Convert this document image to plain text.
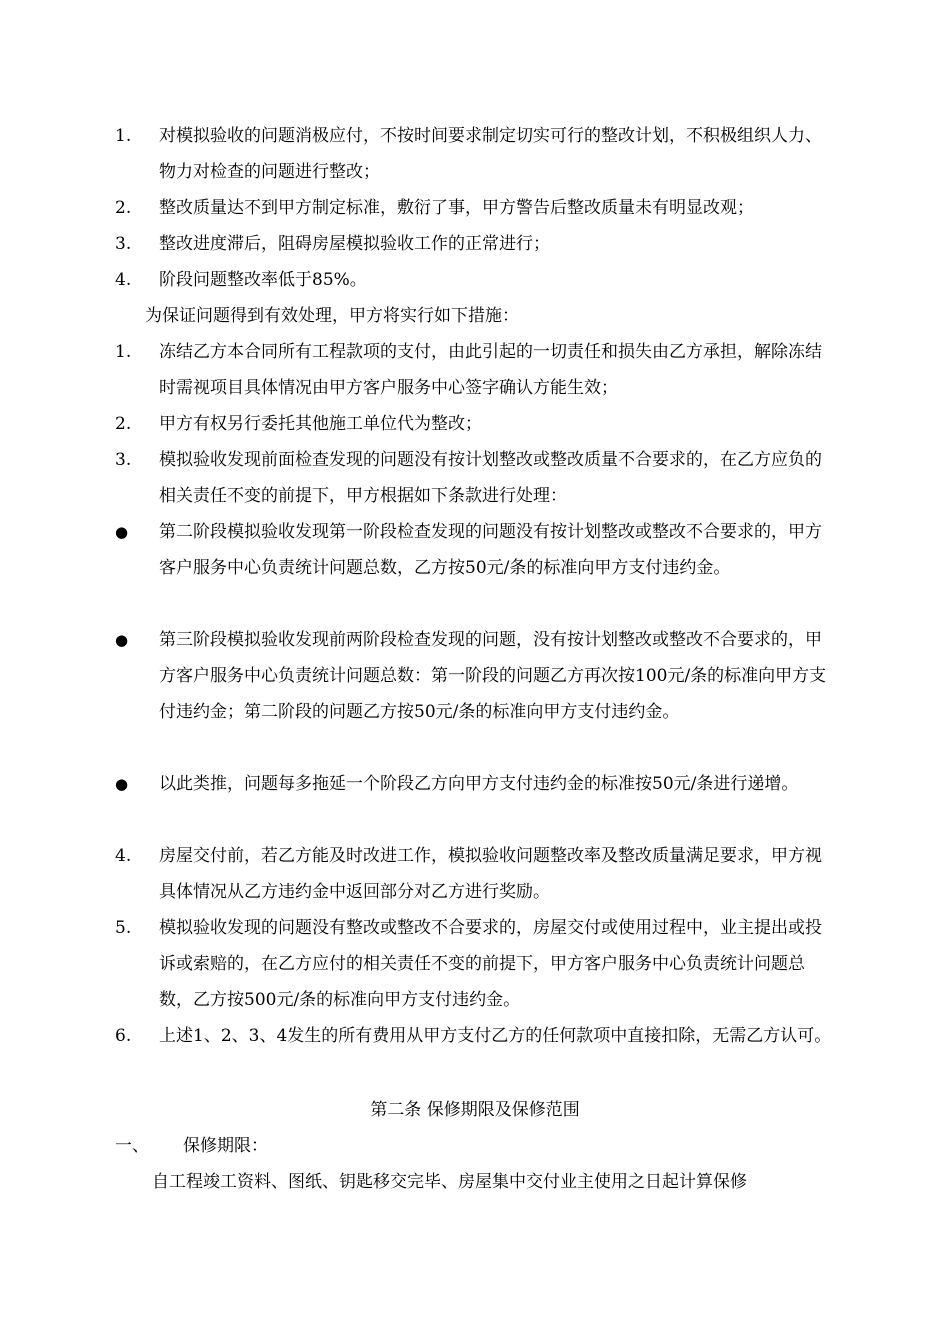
1.	对模拟验收的问题消极应付，不按时间要求制定切实可行的整改计划，不积极组织人力、物力对检查的问题进行整改；
2.	整改质量达不到甲方制定标准，敷衍了事，甲方警告后整改质量未有明显改观；
3.	整改进度滞后，阻碍房屋模拟验收工作的正常进行；
4.	阶段问题整改率低于85%。
为保证问题得到有效处理，甲方将实行如下措施：
1.	冻结乙方本合同所有工程款项的支付，由此引起的一切责任和损失由乙方承担，解除冻结时需视项目具体情况由甲方客户服务中心签字确认方能生效；
2.	甲方有权另行委托其他施工单位代为整改；
3.	模拟验收发现前面检查发现的问题没有按计划整改或整改质量不合要求的，在乙方应负的相关责任不变的前提下，甲方根据如下条款进行处理：
●	第二阶段模拟验收发现第一阶段检查发现的问题没有按计划整改或整改不合要求的，甲方客户服务中心负责统计问题总数，乙方按50元/条的标准向甲方支付违约金。
●	第三阶段模拟验收发现前两阶段检查发现的问题，没有按计划整改或整改不合要求的，甲方客户服务中心负责统计问题总数：第一阶段的问题乙方再次按100元/条的标准向甲方支付违约金；第二阶段的问题乙方按50元/条的标准向甲方支付违约金。
●	以此类推，问题每多拖延一个阶段乙方向甲方支付违约金的标准按50元/条进行递增。
4.	房屋交付前，若乙方能及时改进工作，模拟验收问题整改率及整改质量满足要求，甲方视具体情况从乙方违约金中返回部分对乙方进行奖励。
5.	模拟验收发现的问题没有整改或整改不合要求的，房屋交付或使用过程中，业主提出或投诉或索赔的，在乙方应付的相关责任不变的前提下，甲方客户服务中心负责统计问题总数，乙方按500元/条的标准向甲方支付违约金。
6.	上述1、2、3、4发生的所有费用从甲方支付乙方的任何款项中直接扣除，无需乙方认可。
第二条 保修期限及保修范围
一、 保修期限：
自工程竣工资料、图纸、钥匙移交完毕、房屋集中交付业主使用之日起计算保修
